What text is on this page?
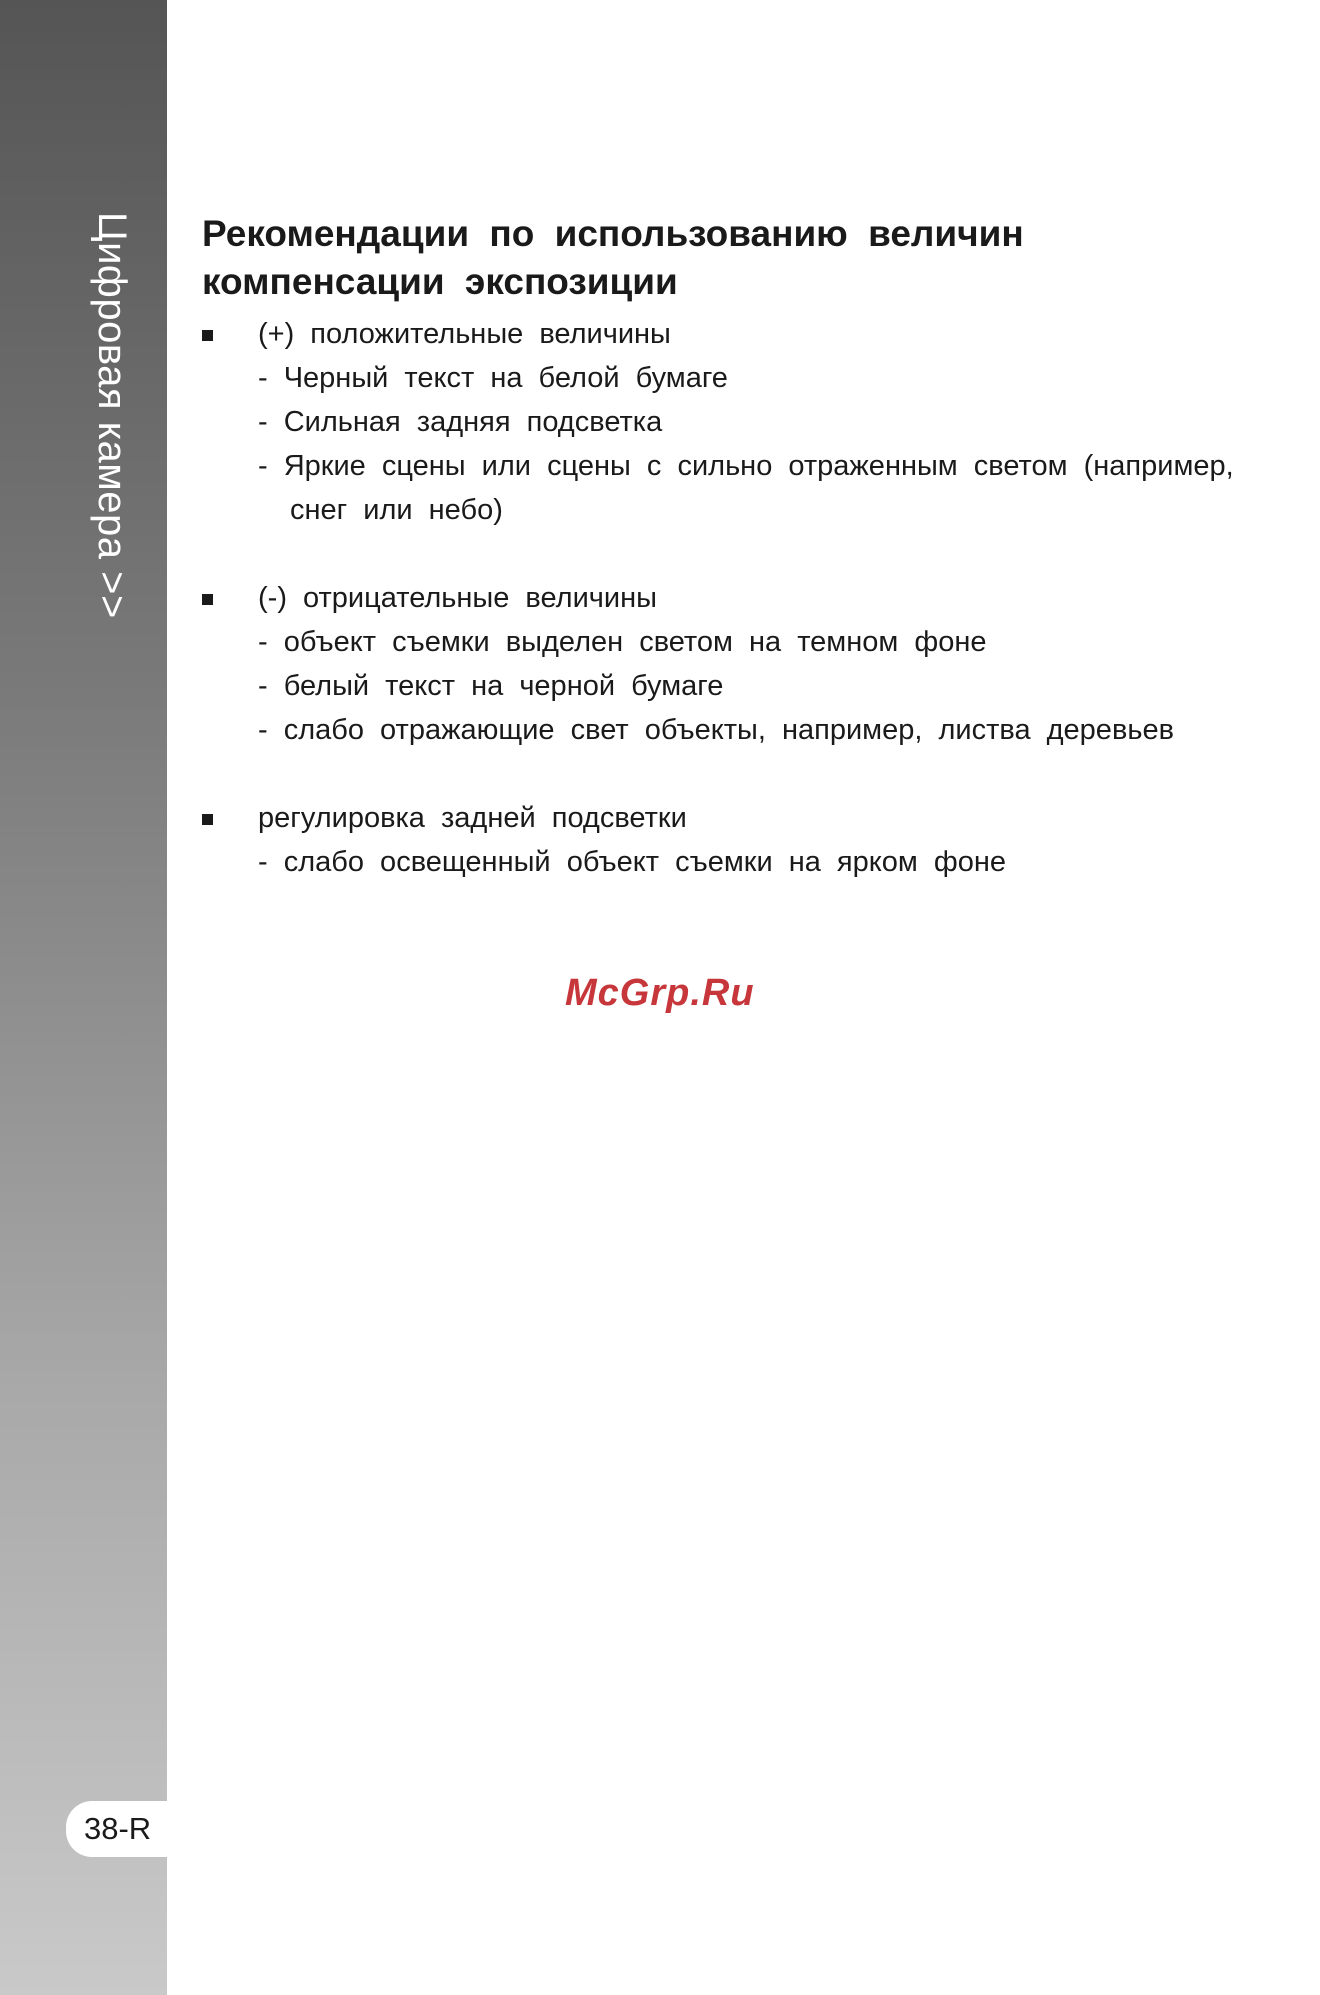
Цифровая камера >>
38-R
Рекомендации по использованию величин
компенсации экспозиции
(+) положительные величины
- Черный текст на белой бумаге
- Сильная задняя подсветка
- Яркие сцены или сцены с сильно отраженным светом (например,
снег или небо)
(-) отрицательные величины
- объект съемки выделен светом на темном фоне
- белый текст на черной бумаге
- слабо отражающие свет объекты, например, листва деревьев
регулировка задней подсветки
- слабо освещенный объект съемки на ярком фоне
McGrp.Ru
